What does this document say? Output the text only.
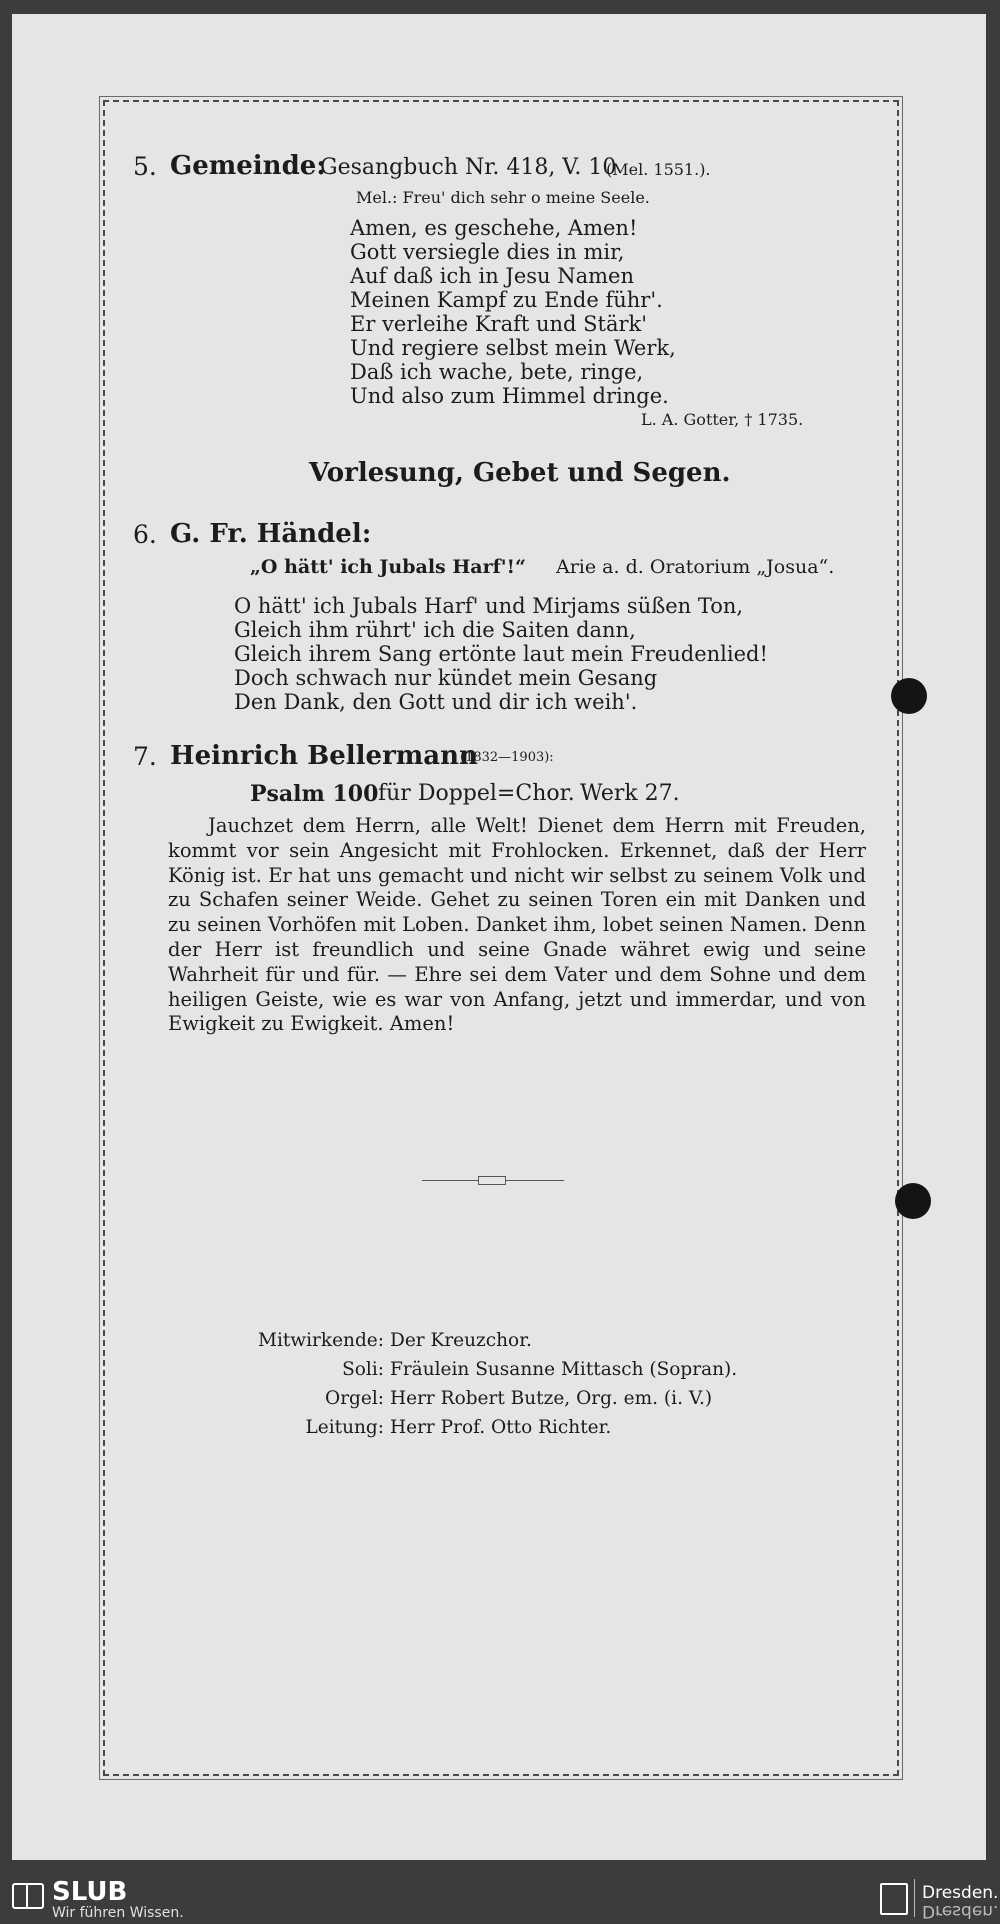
5. Gemeinde:
Gesangbuch Nr. 418, V. 10
(Mel. 1551.).
Mel.: Freu' dich sehr o meine Seele.
Amen, es geschehe, Amen!
Gott versiegle dies in mir,
Auf daß ich in Jesu Namen
Meinen Kampf zu Ende führ'.
Er verleihe Kraft und Stärk'
Und regiere selbst mein Werk,
Daß ich wache, bete, ringe,
Und also zum Himmel dringe.
L. A. Gotter, † 1735.
Vorlesung, Gebet und Segen.
6. G. Fr. Händel:
„O hätt' ich Jubals Harf'!“ Arie a. d. Oratorium „Josua“.
O hätt' ich Jubals Harf' und Mirjams süßen Ton,
Gleich ihm rührt' ich die Saiten dann,
Gleich ihrem Sang ertönte laut mein Freudenlied!
Doch schwach nur kündet mein Gesang
Den Dank, den Gott und dir ich weih'.
7. Heinrich Bellermann
(1832—1903):
Psalm 100 für Doppel=Chor. Werk 27.
Jauchzet dem Herrn, alle Welt! Dienet dem Herrn mit Freuden, kommt vor sein Angesicht mit Frohlocken. Erkennet, daß der Herr König ist. Er hat uns gemacht und nicht wir selbst zu seinem Volk und zu Schafen seiner Weide. Gehet zu seinen Toren ein mit Danken und zu seinen Vorhöfen mit Loben. Danket ihm, lobet seinen Namen. Denn der Herr ist freundlich und seine Gnade währet ewig und seine Wahrheit für und für. — Ehre sei dem Vater und dem Sohne und dem heiligen Geiste, wie es war von Anfang, jetzt und immerdar, und von Ewigkeit zu Ewigkeit. Amen!
Mitwirkende: Der Kreuzchor.
Soli: Fräulein Susanne Mittasch (Sopran).
Orgel: Herr Robert Butze, Org. em. (i. V.)
Leitung: Herr Prof. Otto Richter.
SLUB
Wir führen Wissen.
Dresden.
Dresden.
